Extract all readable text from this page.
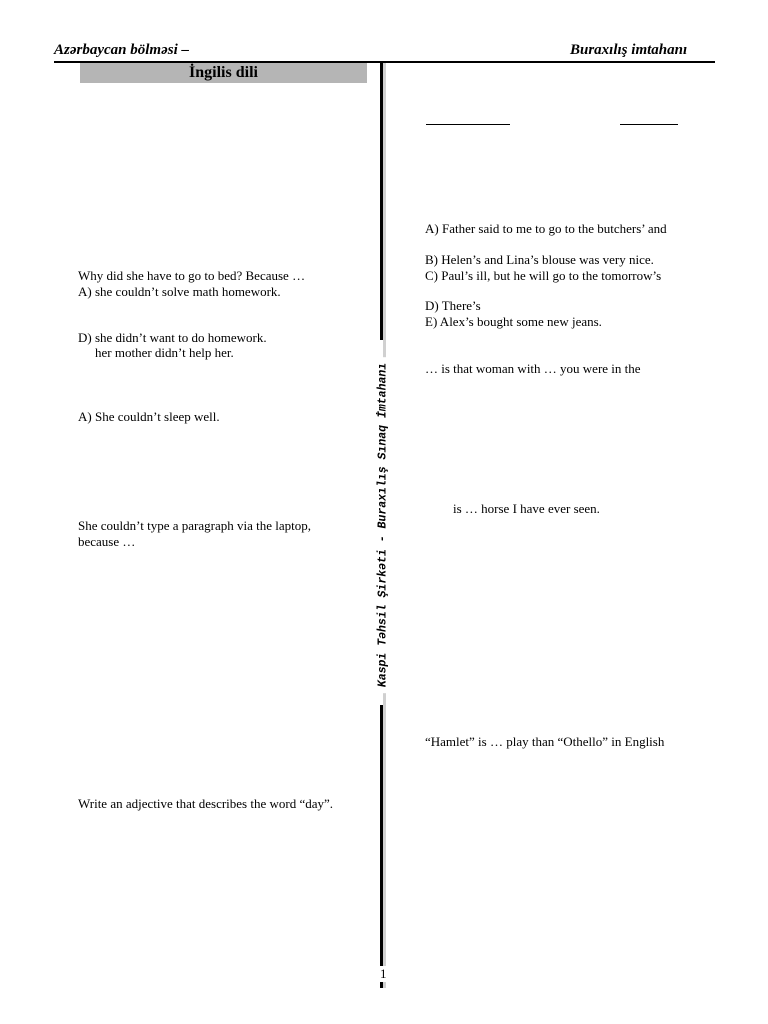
Azərbaycan bölməsi –	Buraxılış imtahanı
İngilis dili
Kaspi Təhsil Şirkəti - Buraxılış Sınaq İmtahanı
1
Why did she have to go to bed? Because …
A) she couldn’t solve math homework.
D) she didn’t want to do homework.
her mother didn’t help her.
A) She couldn’t sleep well.
She couldn’t type a paragraph via the laptop,
because …
Write an adjective that describes the word “day”.
A) Father said to me to go to the butchers’ and
B) Helen’s and Lina’s blouse was very nice.
C) Paul’s ill, but he will go to the tomorrow’s
D) There’s
E) Alex’s bought some new jeans.
… is that woman with … you were in the
is … horse I have ever seen.
“Hamlet” is … play than “Othello” in English
